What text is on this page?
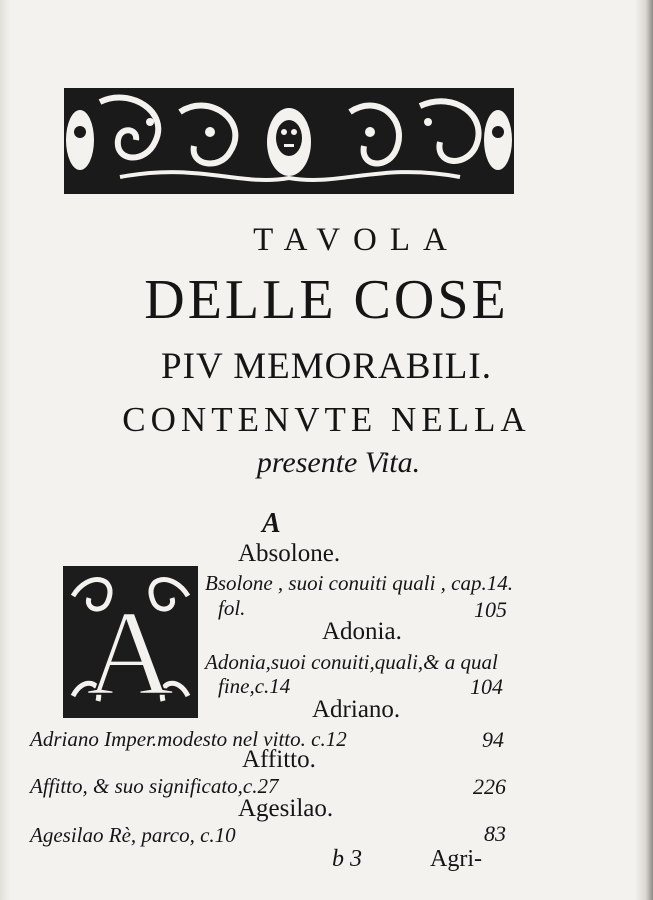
TAVOLA
DELLE COSE
PIV MEMORABILI.
CONTENVTE NELLA
presente Vita.
A
A
Absolone.
Bsolone , suoi conuiti quali , cap.14.
fol.	105
Adonia.
Adonia,suoi conuiti,quali,& a qual
fine,c.14	104
Adriano.
Adriano Imper.modesto nel vitto. c.12	94
Affitto.
Affitto, & suo significato,c.27	226
Agesilao.
Agesilao Rè, parco, c.10	83
b 3	Agri-
